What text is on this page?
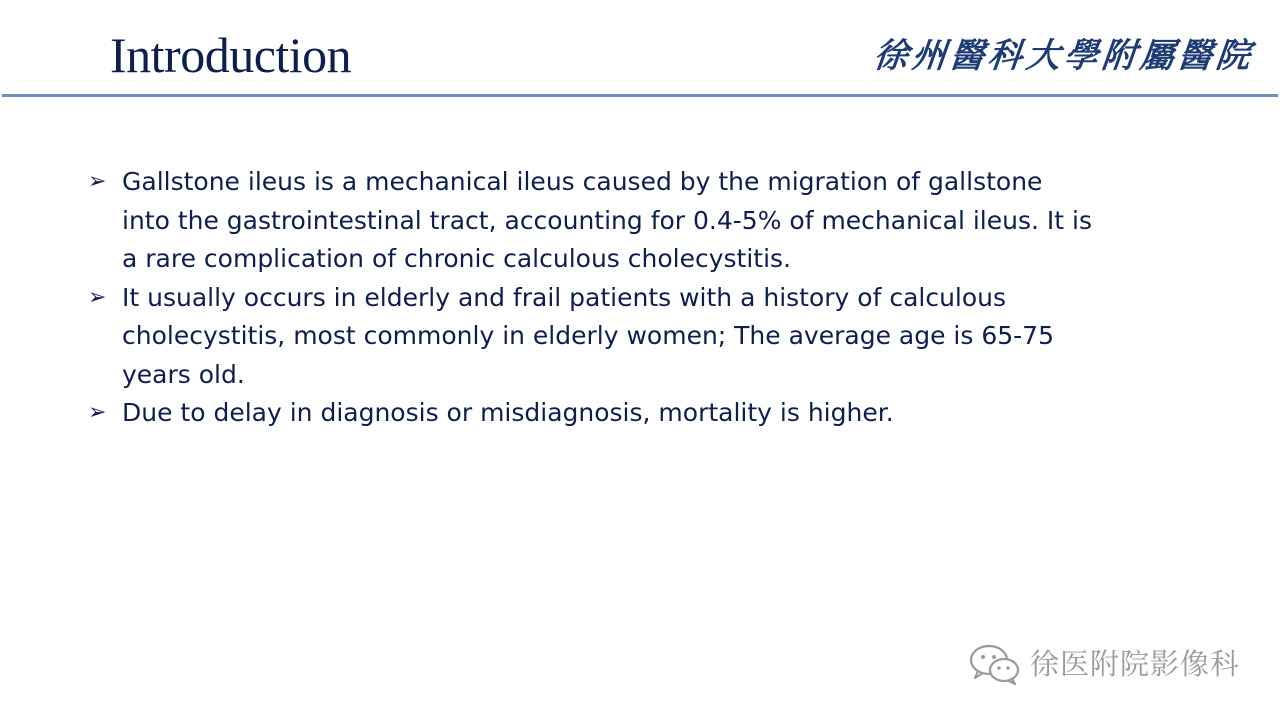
Introduction	徐州醫科大學附屬醫院
➢ Gallstone ileus is a mechanical ileus caused by the migration of gallstone into the gastrointestinal tract, accounting for 0.4-5% of mechanical ileus. It is a rare complication of chronic calculous cholecystitis.
➢ It usually occurs in elderly and frail patients with a history of calculous cholecystitis, most commonly in elderly women; The average age is 65-75 years old.
➢ Due to delay in diagnosis or misdiagnosis, mortality is higher.
徐医附院影像科
